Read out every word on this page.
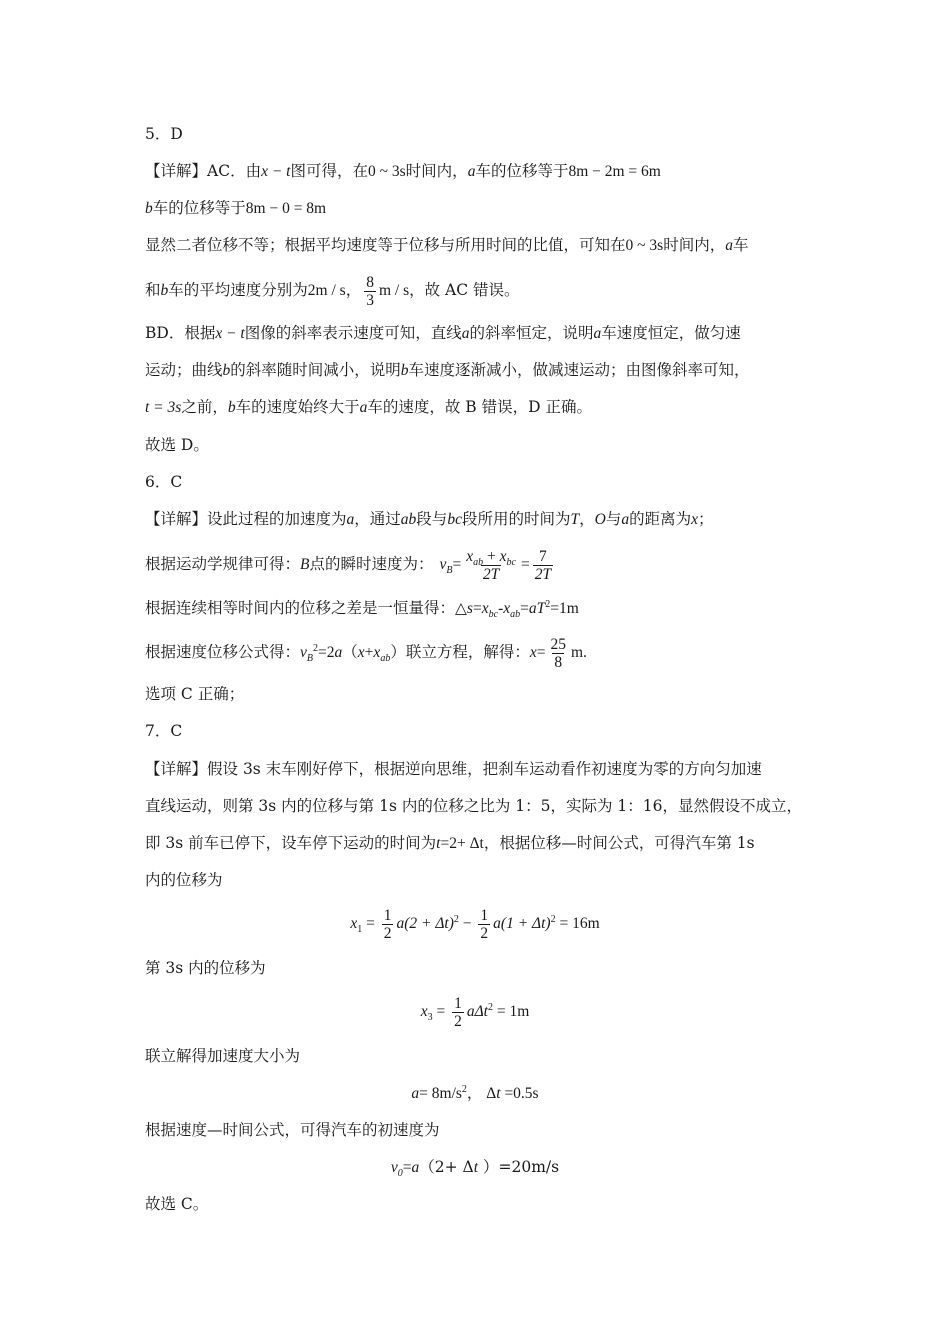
5．D
【详解】AC．由x − t图可得，在0 ~ 3s时间内，a车的位移等于8m − 2m = 6m
b车的位移等于8m − 0 = 8m
显然二者位移不等；根据平均速度等于位移与所用时间的比值，可知在0 ~ 3s时间内，a车
和b车的平均速度分别为2m / s， $\frac{8}{3}$ m / s，故 AC 错误。
BD．根据x − t图像的斜率表示速度可知，直线a的斜率恒定，说明a车速度恒定，做匀速
运动；曲线b的斜率随时间减小，说明b车速度逐渐减小，做减速运动；由图像斜率可知，
t = 3s之前，b车的速度始终大于a车的速度，故 B 错误，D 正确。
故选 D。
6．C
【详解】设此过程的加速度为a，通过ab段与bc段所用的时间为T，O与a的距离为x；
根据运动学规律可得：B点的瞬时速度为： $v_B= \frac{x_{ab} + x_{bc}}{2T} = \frac{7}{2T}$
根据连续相等时间内的位移之差是一恒量得：$\triangle s=x_{bc}-x_{ab}=aT^2=1m$
根据速度位移公式得：$v_B^2=2a(x+x_{ab})$联立方程，解得：$x= \frac{25}{8} m$.
选项 C 正确；
7．C
【详解】假设 3s 末车刚好停下，根据逆向思维，把刹车运动看作初速度为零的方向匀加速
直线运动，则第 3s 内的位移与第 1s 内的位移之比为 1：5，实际为 1：16，显然假设不成立，
即 3s 前车已停下，设车停下运动的时间为t=2+ Δt，根据位移—时间公式，可得汽车第 1s
内的位移为
$x_1 = \frac{1}{2} a(2 + \Delta t)^2 - \frac{1}{2} a(1 + \Delta t)^2 = 16m$
第 3s 内的位移为
$x_3 = \frac{1}{2} a\Delta t^2 = 1m$
联立解得加速度大小为
$a= 8m/s^2$， Δt =0.5s
根据速度—时间公式，可得汽车的初速度为
$v_0=a(2+ \Delta t$ ）=20m/s
故选 C。
